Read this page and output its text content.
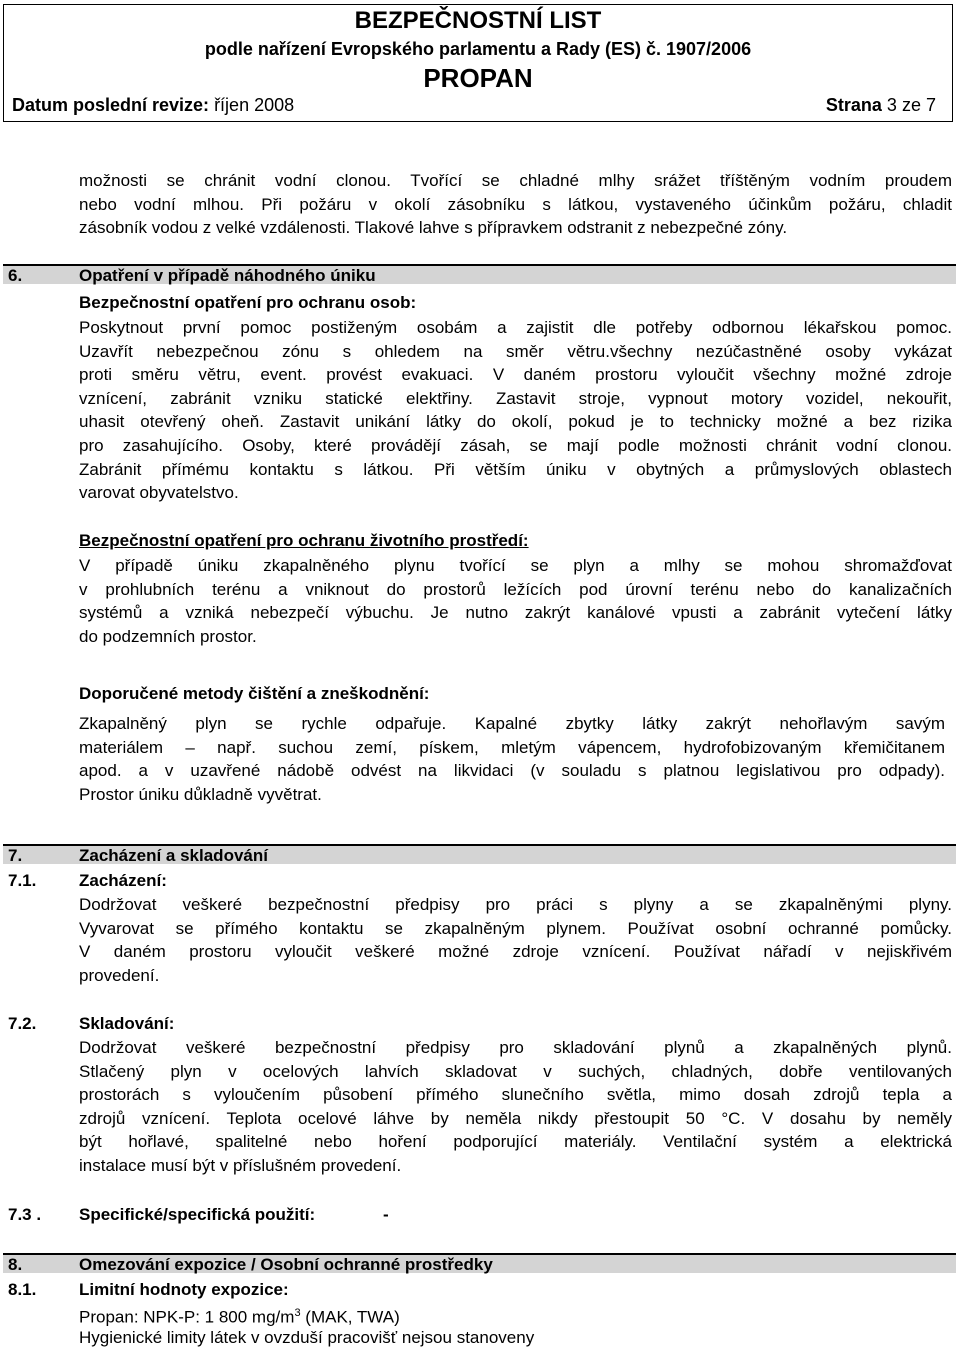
BEZPEČNOSTNÍ LIST
podle nařízení Evropského parlamentu a Rady (ES) č. 1907/2006
PROPAN
Datum poslední revize: říjen 2008	Strana 3 ze 7
možnosti se chránit vodní clonou. Tvořící se chladné mlhy srážet tříštěným vodním proudem
nebo vodní mlhou. Při požáru v okolí zásobníku s látkou, vystaveného účinkům požáru, chladit
zásobník vodou z velké vzdálenosti. Tlakové lahve s přípravkem odstranit z nebezpečné zóny.
6.	Opatření v případě náhodného úniku
Bezpečnostní opatření pro ochranu osob:
Poskytnout první pomoc postiženým osobám a zajistit dle potřeby odbornou lékařskou pomoc.
Uzavřít nebezpečnou zónu s ohledem na směr větru.všechny nezúčastněné osoby vykázat
proti směru větru, event. provést evakuaci. V daném prostoru vyloučit všechny možné zdroje
vznícení, zabránit vzniku statické elektřiny. Zastavit stroje, vypnout motory vozidel, nekouřit,
uhasit otevřený oheň. Zastavit unikání látky do okolí, pokud je to technicky možné a bez rizika
pro zasahujícího. Osoby, které provádějí zásah, se mají podle možnosti chránit vodní clonou.
Zabránit přímému kontaktu s látkou. Při větším úniku v obytných a průmyslových oblastech
varovat obyvatelstvo.
Bezpečnostní opatření pro ochranu životního prostředí:
V případě úniku zkapalněného plynu tvořící se plyn a mlhy se mohou shromažďovat
v prohlubních terénu a vniknout do prostorů ležících pod úrovní terénu nebo do kanalizačních
systémů a vzniká nebezpečí výbuchu. Je nutno zakrýt kanálové vpusti a zabránit vytečení látky
do podzemních prostor.
Doporučené metody čištění a zneškodnění:
Zkapalněný plyn se rychle odpařuje. Kapalné zbytky látky zakrýt nehořlavým savým
materiálem – např. suchou zemí, pískem, mletým vápencem, hydrofobizovaným křemičitanem
apod. a v uzavřené nádobě odvést na likvidaci (v souladu s platnou legislativou pro odpady).
Prostor úniku důkladně vyvětrat.
7.	Zacházení a skladování
7.1.	Zacházení:
Dodržovat veškeré bezpečnostní předpisy pro práci s plyny a se zkapalněnými plyny.
Vyvarovat se přímého kontaktu se zkapalněným plynem. Používat osobní ochranné pomůcky.
V daném prostoru vyloučit veškeré možné zdroje vznícení. Používat nářadí v nejiskřivém
provedení.
7.2.	Skladování:
Dodržovat veškeré bezpečnostní předpisy pro skladování plynů a zkapalněných plynů.
Stlačený plyn v ocelových lahvích skladovat v suchých, chladných, dobře ventilovaných
prostorách s vyloučením působení přímého slunečního světla, mimo dosah zdrojů tepla a
zdrojů vznícení. Teplota ocelové láhve by neměla nikdy přestoupit 50 °C. V dosahu by neměly
být hořlavé, spalitelné nebo hoření podporující materiály. Ventilační systém a elektrická
instalace musí být v příslušném provedení.
7.3 . Specifické/specifická použití:	-
8.	Omezování expozice / Osobní ochranné prostředky
8.1.	Limitní hodnoty expozice:
Propan: NPK-P: 1 800 $mg/m^3$ (MAK, TWA)
Hygienické limity látek v ovzduší pracovišť nejsou stanoveny
